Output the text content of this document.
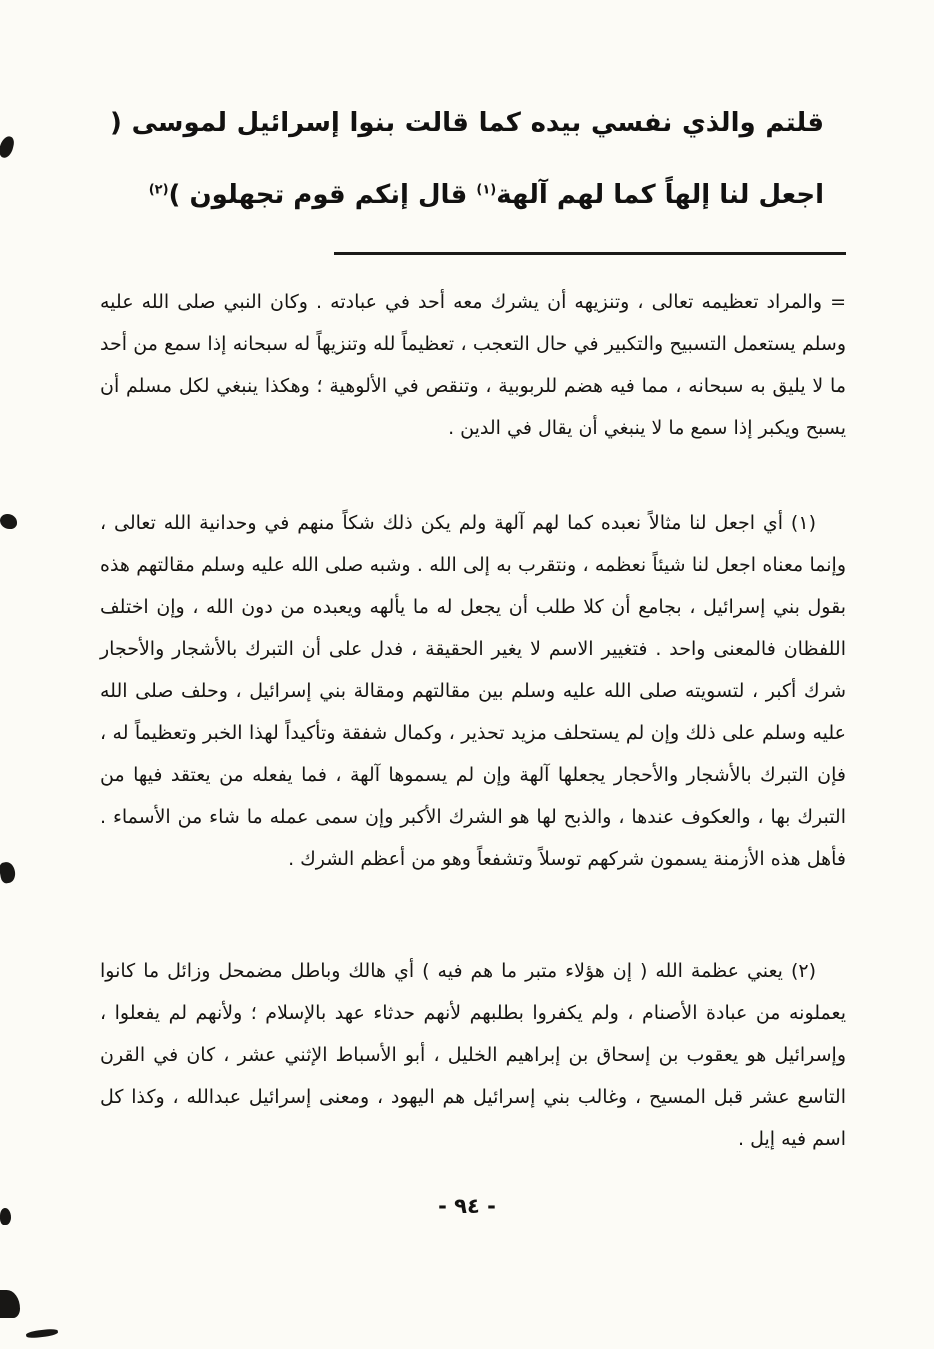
قلتم والذي نفسي بيده كما قالت بنوا إسرائيل لموسى ( اجعل لنا إلهاً كما لهم آلهة$^{(١)}$ قال إنكم قوم تجهلون )$^{(٢)}$

= والمراد تعظيمه تعالى ، وتنزيهه أن يشرك معه أحد في عبادته . وكان النبي صلى الله عليه وسلم يستعمل التسبيح والتكبير في حال التعجب ، تعظيماً لله وتنزيهاً له سبحانه إذا سمع من أحد ما لا يليق به سبحانه ، مما فيه هضم للربوبية ، وتنقص في الألوهية ؛ وهكذا ينبغي لكل مسلم أن يسبح ويكبر إذا سمع ما لا ينبغي أن يقال في الدين .

(١) أي اجعل لنا مثالاً نعبده كما لهم آلهة ولم يكن ذلك شكاً منهم في وحدانية الله تعالى ، وإنما معناه اجعل لنا شيئاً نعظمه ، ونتقرب به إلى الله . وشبه صلى الله عليه وسلم مقالتهم هذه بقول بني إسرائيل ، بجامع أن كلا طلب أن يجعل له ما يألهه ويعبده من دون الله ، وإن اختلف اللفظان فالمعنى واحد . فتغيير الاسم لا يغير الحقيقة ، فدل على أن التبرك بالأشجار والأحجار شرك أكبر ، لتسويته صلى الله عليه وسلم بين مقالتهم ومقالة بني إسرائيل ، وحلف صلى الله عليه وسلم على ذلك وإن لم يستحلف مزيد تحذير ، وكمال شفقة وتأكيداً لهذا الخبر وتعظيماً له ، فإن التبرك بالأشجار والأحجار يجعلها آلهة وإن لم يسموها آلهة ، فما يفعله من يعتقد فيها من التبرك بها ، والعكوف عندها ، والذبح لها هو الشرك الأكبر وإن سمى عمله ما شاء من الأسماء . فأهل هذه الأزمنة يسمون شركهم توسلاً وتشفعاً وهو من أعظم الشرك .

(٢) يعني عظمة الله ( إن هؤلاء متبر ما هم فيه ) أي هالك وباطل مضمحل وزائل ما كانوا يعملونه من عبادة الأصنام ، ولم يكفروا بطلبهم لأنهم حدثاء عهد بالإسلام ؛ ولأنهم لم يفعلوا ، وإسرائيل هو يعقوب بن إسحاق بن إبراهيم الخليل ، أبو الأسباط الإثني عشر ، كان في القرن التاسع عشر قبل المسيح ، وغالب بني إسرائيل هم اليهود ، ومعنى إسرائيل عبدالله ، وكذا كل اسم فيه إيل .

- ٩٤ -
